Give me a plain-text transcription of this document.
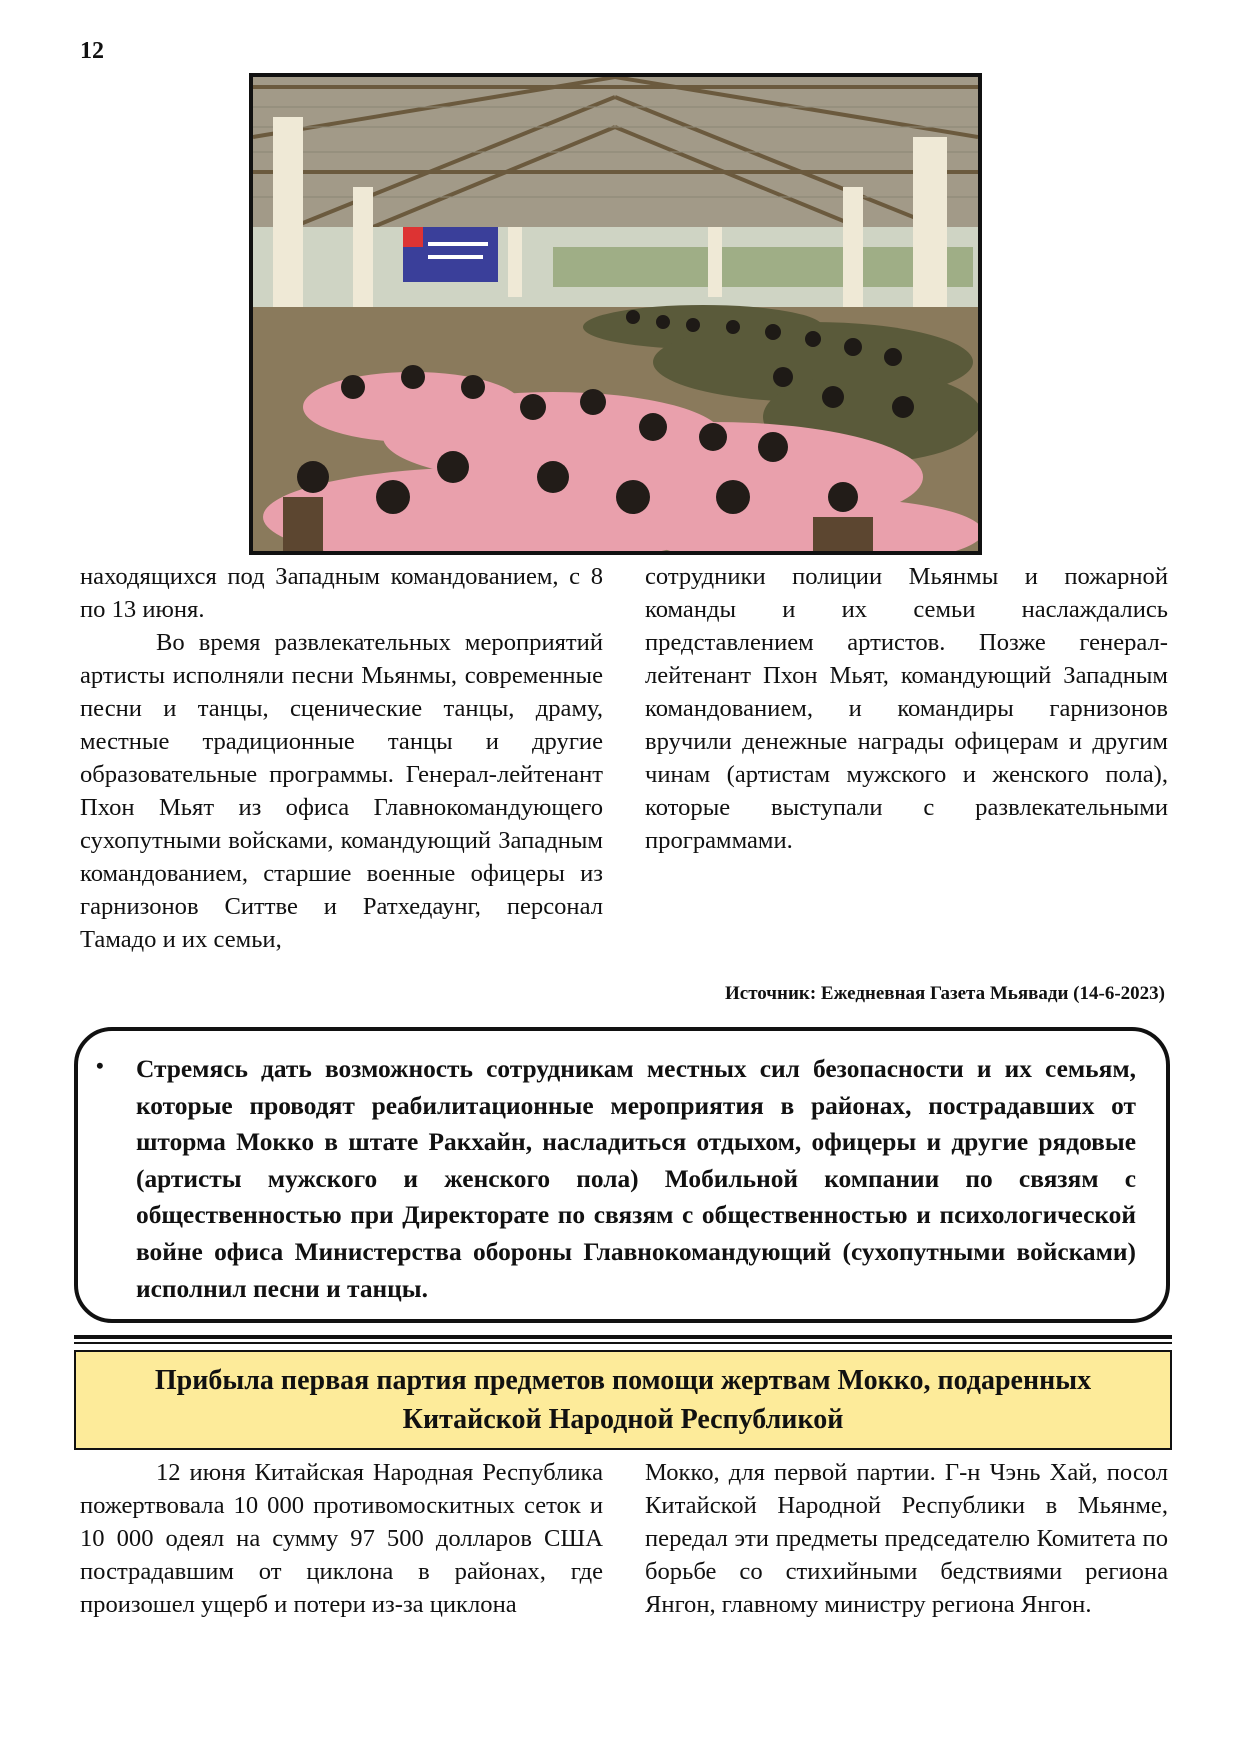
12

находящихся под Западным командованием, с 8 по 13 июня.

Во время развлекательных мероприятий артисты исполняли песни Мьянмы, современные песни и танцы, сценические танцы, драму, местные традиционные танцы и другие образовательные программы. Генерал-лейтенант Пхон Мьят из офиса Главнокомандующего сухопутными войсками, командующий Западным командованием, старшие военные офицеры из гарнизонов Ситтве и Ратхедаунг, персонал Тамадо и их семьи,

сотрудники полиции Мьянмы и пожарной команды и их семьи наслаждались представлением артистов. Позже генерал-лейтенант Пхон Мьят, командующий Западным командованием, и командиры гарнизонов вручили денежные награды офицерам и другим чинам (артистам мужского и женского пола), которые выступали с развлекательными программами.

Источник: Ежедневная Газета Мьявади (14-6-2023)
• Стремясь дать возможность сотрудникам местных сил безопасности и их семьям, которые проводят реабилитационные мероприятия в районах, пострадавших от шторма Мокко в штате Ракхайн, насладиться отдыхом, офицеры и другие рядовые (артисты мужского и женского пола) Мобильной компании по связям с общественностью при Директорате по связям с общественностью и психологической войне офиса Министерства обороны Главнокомандующий (сухопутными войсками) исполнил песни и танцы.

Прибыла первая партия предметов помощи жертвам Мокко, подаренных Китайской Народной Республикой

12 июня Китайская Народная Республика пожертвовала 10 000 противомоскитных сеток и 10 000 одеял на сумму 97 500 долларов США пострадавшим от циклона в районах, где произошел ущерб и потери из-за циклона

Мокко, для первой партии. Г-н Чэнь Хай, посол Китайской Народной Республики в Мьянме, передал эти предметы председателю Комитета по борьбе со стихийными бедствиями региона Янгон, главному министру региона Янгон.
